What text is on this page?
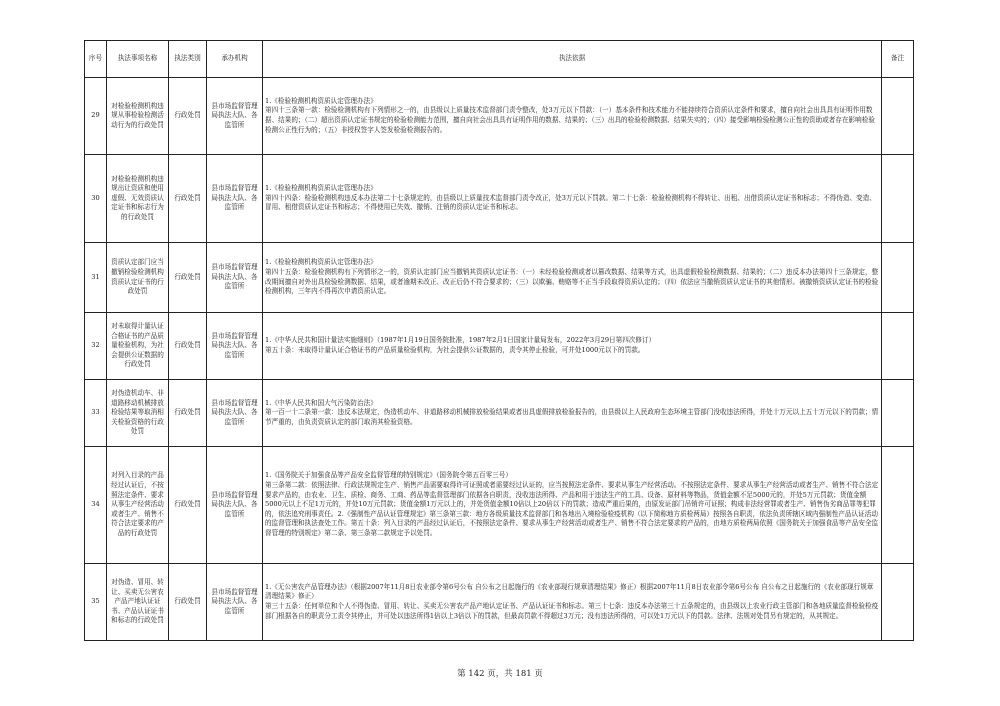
序号	执法事项名称	执法类别	承办机构	执法依据	备注
29	对检验检测机构违规从事检验检测活动行为的行政处罚	行政处罚	县市场监督管理局执法大队、各监管所	1.《检验检测机构资质认定管理办法》
第四十三条第一款：检验检测机构有下列情形之一的，由县级以上质量技术监督部门责令整改，处3万元以下罚款：（一）基本条件和技术能力不能持续符合资质认定条件和要求，擅自向社会出具具有证明作用数据、结果的；（二）超出资质认定证书规定的检验检测能力范围，擅自向社会出具具有证明作用的数据、结果的；（三）出具的检验检测数据、结果失实的；（四）接受影响检验检测公正性的资助或者存在影响检验检测公正性行为的；（五）非授权签字人签发检验检测报告的。	

30	对检验检测机构违规出让资质和使用虚假、无效资质认定证书和标志行为的行政处罚	行政处罚	县市场监督管理局执法大队、各监管所	1.《检验检测机构资质认定管理办法》
第四十四条：检验检测机构违反本办法第二十七条规定的，由县级以上质量技术监督部门责令改正，处3万元以下罚款。第二十七条：检验检测机构不得转让、出租、出借资质认定证书和标志；不得伪造、变造、冒用、租借资质认定证书和标志；不得使用已失效、撤销、注销的资质认定证书和标志。	

31	资质认定部门应当撤销检验检测机构资质认定证书的行政处罚	行政处罚	县市场监督管理局执法大队、各监管所	1.《检验检测机构资质认定管理办法》
第四十五条：检验检测机构有下列情形之一的，资质认定部门应当撤销其资质认定证书：（一）未经检验检测或者以篡改数据、结果等方式，出具虚假检验检测数据、结果的；（二）违反本办法第四十三条规定，整改期间擅自对外出具检验检测数据、结果，或者逾期未改正、改正后仍不符合要求的；（三）以欺骗、贿赂等不正当手段取得资质认定的；（四）依法应当撤销资质认定证书的其他情形。被撤销资质认定证书的检验检测机构，三年内不得再次申请资质认定。	

32	对未取得计量认证合格证书的产品质量检验机构，为社会提供公证数据的行政处罚	行政处罚	县市场监督管理局执法大队、各监管所	1.《中华人民共和国计量法实施细则》（1987年1月19日国务院批准，1987年2月1日国家计量局发布，2022年3月29日第四次修订）
第五十条：未取得计量认证合格证书的产品质量检验机构，为社会提供公证数据的，责令其停止检验，可并处1000元以下的罚款。	

33	对伪造机动车、非道路移动机械排放检验结果等取消相关检验资格的行政处罚	行政处罚	县市场监督管理局执法大队、各监管所	1.《中华人民共和国大气污染防治法》
第一百一十二条第一款：违反本法规定，伪造机动车、非道路移动机械排放检验结果或者出具虚假排放检验报告的，由县级以上人民政府生态环境主管部门没收违法所得，并处十万元以上五十万元以下的罚款；情节严重的，由负责资质认定的部门取消其检验资格。	

34	对列入目录的产品经过认证后，不按照法定条件、要求从事生产经营活动或者生产、销售不符合法定要求的产品的行政处罚	行政处罚	县市场监督管理局执法大队、各监管所	1.《国务院关于加强食品等产品安全监督管理的特别规定》（国务院令第五百零三号）
第三条第二款：依照法律、行政法规规定生产、销售产品需要取得许可证照或者需要经过认证的，应当按照法定条件、要求从事生产经营活动。不按照法定条件、要求从事生产经营活动或者生产、销售不符合法定要求产品的，由农业、卫生、质检、商务、工商、药品等监督管理部门依据各自职责，没收违法所得、产品和用于违法生产的工具、设备、原材料等物品，货值金额不足5000元的，并处5万元罚款；货值金额5000元以上不足1万元的，并处10万元罚款；货值金额1万元以上的，并处货值金额10倍以上20倍以下的罚款；造成严重后果的，由原发证部门吊销许可证照；构成非法经营罪或者生产、销售伪劣商品罪等犯罪的，依法追究刑事责任。2.《强制性产品认证管理规定》第三条第三款：地方各级质量技术监督部门和各地出入境检验检疫机构（以下简称地方质检两局）按照各自职责，依法负责所辖区域内强制性产品认证活动的监督管理和执法查处工作。第五十条：列入目录的产品经过认证后，不按照法定条件、要求从事生产经营活动或者生产、销售不符合法定要求的产品的，由地方质检两局依照《国务院关于加强食品等产品安全监督管理的特别规定》第二条、第三条第二款规定予以处罚。	

35	对伪造、冒用、转让、买卖无公害农产品产地认证证书、产品认证证书和标志的行政处罚	行政处罚	县市场监督管理局执法大队、各监管所	1.《无公害农产品管理办法》（根据2007年11月8日农业部令第6号公布 自公布之日起施行的《农业部现行规章清理结果》修正）根据2007年11月8日农业部令第6号公布 自公布之日起施行的《农业部现行规章清理结果》修正）
第三十五条：任何单位和个人不得伪造、冒用、转让、买卖无公害农产品产地认定证书、产品认证证书和标志。第三十七条：违反本办法第三十五条规定的，由县级以上农业行政主管部门和各地质量监督检验检疫部门根据各自的职责分工责令其停止，并可处以违法所得1倍以上3倍以下的罚款，但最高罚款不得超过3万元；没有违法所得的，可以处1万元以下的罚款。法律、法规对处罚另有规定的，从其规定。	

第 142 页，共 181 页
